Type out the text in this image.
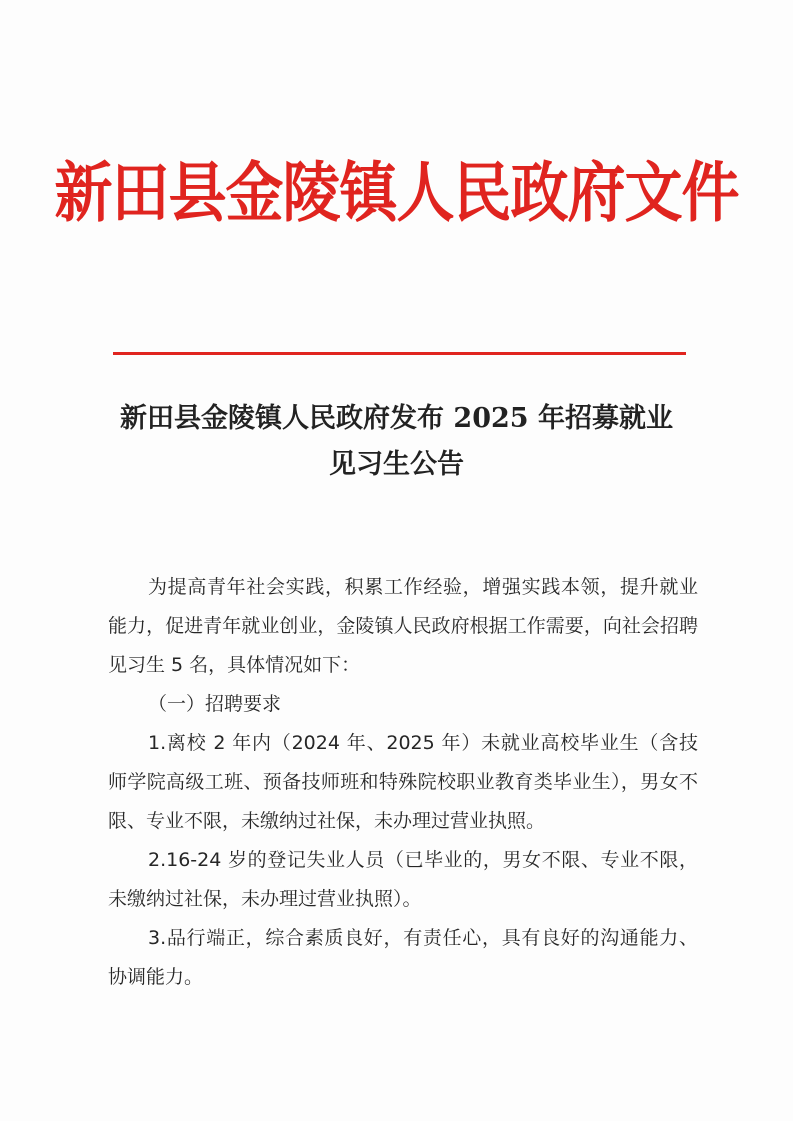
新田县金陵镇人民政府文件
新田县金陵镇人民政府发布 2025 年招募就业
见习生公告

为提高青年社会实践，积累工作经验，增强实践本领，提升就业能力，促进青年就业创业，金陵镇人民政府根据工作需要，向社会招聘见习生 5 名，具体情况如下：

（一）招聘要求

1.离校 2 年内（2024 年、2025 年）未就业高校毕业生（含技师学院高级工班、预备技师班和特殊院校职业教育类毕业生），男女不限、专业不限，未缴纳过社保，未办理过营业执照。

2.16-24 岁的登记失业人员（已毕业的，男女不限、专业不限，未缴纳过社保，未办理过营业执照）。

3.品行端正，综合素质良好，有责任心，具有良好的沟通能力、协调能力。
